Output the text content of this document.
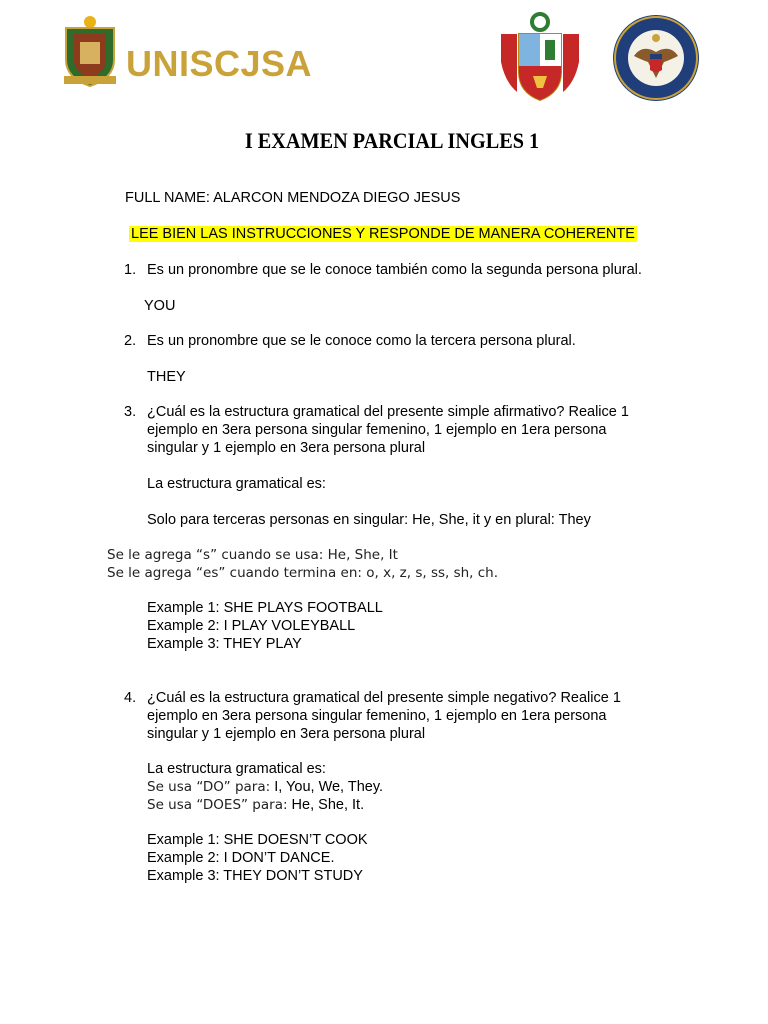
UNISCJSA
I EXAMEN PARCIAL INGLES 1
FULL NAME: ALARCON MENDOZA DIEGO JESUS
LEE BIEN LAS INSTRUCCIONES Y RESPONDE DE MANERA COHERENTE
1. Es un pronombre que se le conoce también como la segunda persona plural.
YOU
2. Es un pronombre que se le conoce como la tercera persona plural.
THEY
3. ¿Cuál es la estructura gramatical del presente simple afirmativo? Realice 1
ejemplo en 3era persona singular femenino, 1 ejemplo en 1era persona
singular y 1 ejemplo en 3era persona plural
La estructura gramatical es:
Solo para terceras personas en singular: He, She, it y en plural: They
Se le agrega “s” cuando se usa: He, She, It
Se le agrega “es” cuando termina en: o, x, z, s, ss, sh, ch.
Example 1: SHE PLAYS FOOTBALL
Example 2: I PLAY VOLEYBALL
Example 3: THEY PLAY
4. ¿Cuál es la estructura gramatical del presente simple negativo? Realice 1
ejemplo en 3era persona singular femenino, 1 ejemplo en 1era persona
singular y 1 ejemplo en 3era persona plural
La estructura gramatical es:
Se usa “DO” para: I, You, We, They.
Se usa “DOES” para: He, She, It.
Example 1: SHE DOESN’T COOK
Example 2: I DON’T DANCE.
Example 3: THEY DON’T STUDY
